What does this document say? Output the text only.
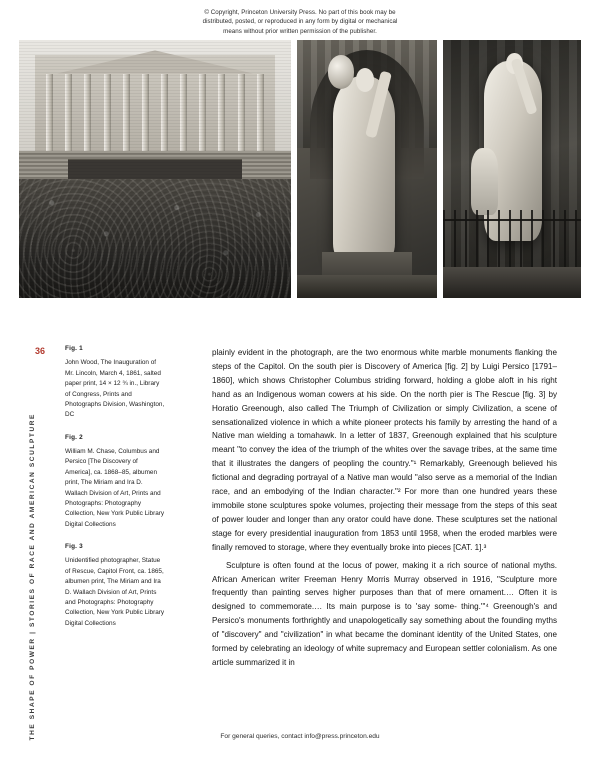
© Copyright, Princeton University Press. No part of this book may be
distributed, posted, or reproduced in any form by digital or mechanical
means without prior written permission of the publisher.
36
THE SHAPE OF POWER | STORIES OF RACE AND AMERICAN SCULPTURE
Fig. 1
John Wood, The Inauguration of Mr. Lincoln, March 4, 1861, salted paper print, 14 × 12 ¾ in., Library of Congress, Prints and Photographs Division, Washington, DC
Fig. 2
William M. Chase, Columbus and Persico [The Discovery of America], ca. 1868–85, albumen print, The Miriam and Ira D. Wallach Division of Art, Prints and Photographs: Photography Collection, New York Public Library Digital Collections
Fig. 3
Unidentified photographer, Statue of Rescue, Capitol Front, ca. 1865, albumen print, The Miriam and Ira D. Wallach Division of Art, Prints and Photographs: Photography Collection, New York Public Library Digital Collections

plainly evident in the photograph, are the two enormous white marble monuments flanking the steps of the Capitol. On the south pier is Discovery of America [fig. 2] by Luigi Persico [1791–1860], which shows Christopher Columbus striding forward, holding a globe aloft in his right hand as an Indigenous woman cowers at his side. On the north pier is The Rescue [fig. 3] by Horatio Greenough, also called The Triumph of Civilization or simply Civilization, a scene of sensationalized violence in which a white pioneer protects his family by arresting the hand of a Native man wielding a tomahawk. In a letter of 1837, Greenough explained that his sculpture meant "to convey the idea of the triumph of the whites over the savage tribes, at the same time that it illustrates the dangers of peopling the country."¹ Remarkably, Greenough believed his fictional and degrading portrayal of a Native man would "also serve as a memorial of the Indian race, and an embodying of the Indian character."² For more than one hundred years these immobile stone sculptures spoke volumes, projecting their message from the steps of this seat of power louder and longer than any orator could have done. These sculptures set the national stage for every presidential inauguration from 1853 until 1958, when the eroded marbles were finally removed to storage, where they eventually broke into pieces [CAT. 1].³

Sculpture is often found at the locus of power, making it a rich source of national myths. African American writer Freeman Henry Morris Murray observed in 1916, "Sculpture more frequently than painting serves higher purposes than that of mere ornament.… Often it is designed to commemorate.… Its main purpose is to 'say some- thing.'"⁴ Greenough's and Persico's monuments forthrightly and unapologetically say something about the founding myths of "discovery" and "civilization" in what became the dominant identity of the United States, one formed by celebrating an ideology of white supremacy and European settler colonialism. As one article summarized it in

For general queries, contact info@press.princeton.edu
